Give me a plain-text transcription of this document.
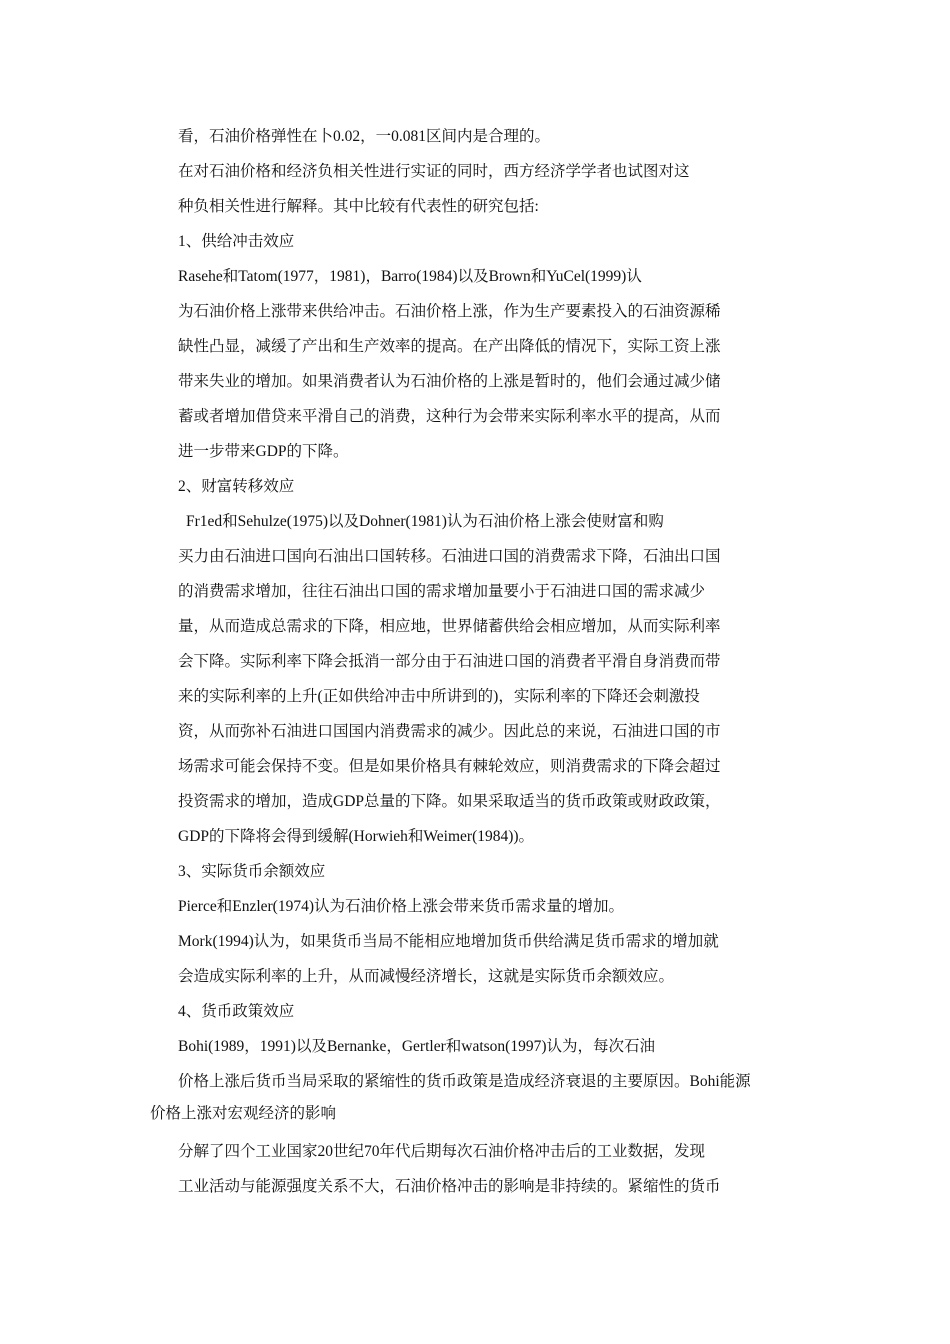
看，石油价格弹性在卜0.02，一0.081区间内是合理的。
在对石油价格和经济负相关性进行实证的同时，西方经济学学者也试图对这
种负相关性进行解释。其中比较有代表性的研究包括:
1、供给冲击效应
Rasehe和Tatom(1977，1981)，Barro(1984)以及Brown和YuCel(1999)认
为石油价格上涨带来供给冲击。石油价格上涨，作为生产要素投入的石油资源稀
缺性凸显，减缓了产出和生产效率的提高。在产出降低的情况下，实际工资上涨
带来失业的增加。如果消费者认为石油价格的上涨是暂时的，他们会通过减少储
蓄或者增加借贷来平滑自己的消费，这种行为会带来实际利率水平的提高，从而
进一步带来GDP的下降。
2、财富转移效应
Fr1ed和Sehulze(1975)以及Dohner(1981)认为石油价格上涨会使财富和购
买力由石油进口国向石油出口国转移。石油进口国的消费需求下降，石油出口国
的消费需求增加，往往石油出口国的需求增加量要小于石油进口国的需求减少
量，从而造成总需求的下降，相应地，世界储蓄供给会相应增加，从而实际利率
会下降。实际利率下降会抵消一部分由于石油进口国的消费者平滑自身消费而带
来的实际利率的上升(正如供给冲击中所讲到的)，实际利率的下降还会刺激投
资，从而弥补石油进口国国内消费需求的减少。因此总的来说，石油进口国的市
场需求可能会保持不变。但是如果价格具有棘轮效应，则消费需求的下降会超过
投资需求的增加，造成GDP总量的下降。如果采取适当的货币政策或财政政策，
GDP的下降将会得到缓解(Horwieh和Weimer(1984))。
3、实际货币余额效应
Pierce和Enzler(1974)认为石油价格上涨会带来货币需求量的增加。
Mork(1994)认为，如果货币当局不能相应地增加货币供给满足货币需求的增加就
会造成实际利率的上升，从而减慢经济增长，这就是实际货币余额效应。
4、货币政策效应
Bohi(1989，1991)以及Bernanke，Gertler和watson(1997)认为，每次石油
价格上涨后货币当局采取的紧缩性的货币政策是造成经济衰退的主要原因。Bohi能源
价格上涨对宏观经济的影响
分解了四个工业国家20世纪70年代后期每次石油价格冲击后的工业数据，发现
工业活动与能源强度关系不大，石油价格冲击的影响是非持续的。紧缩性的货币
